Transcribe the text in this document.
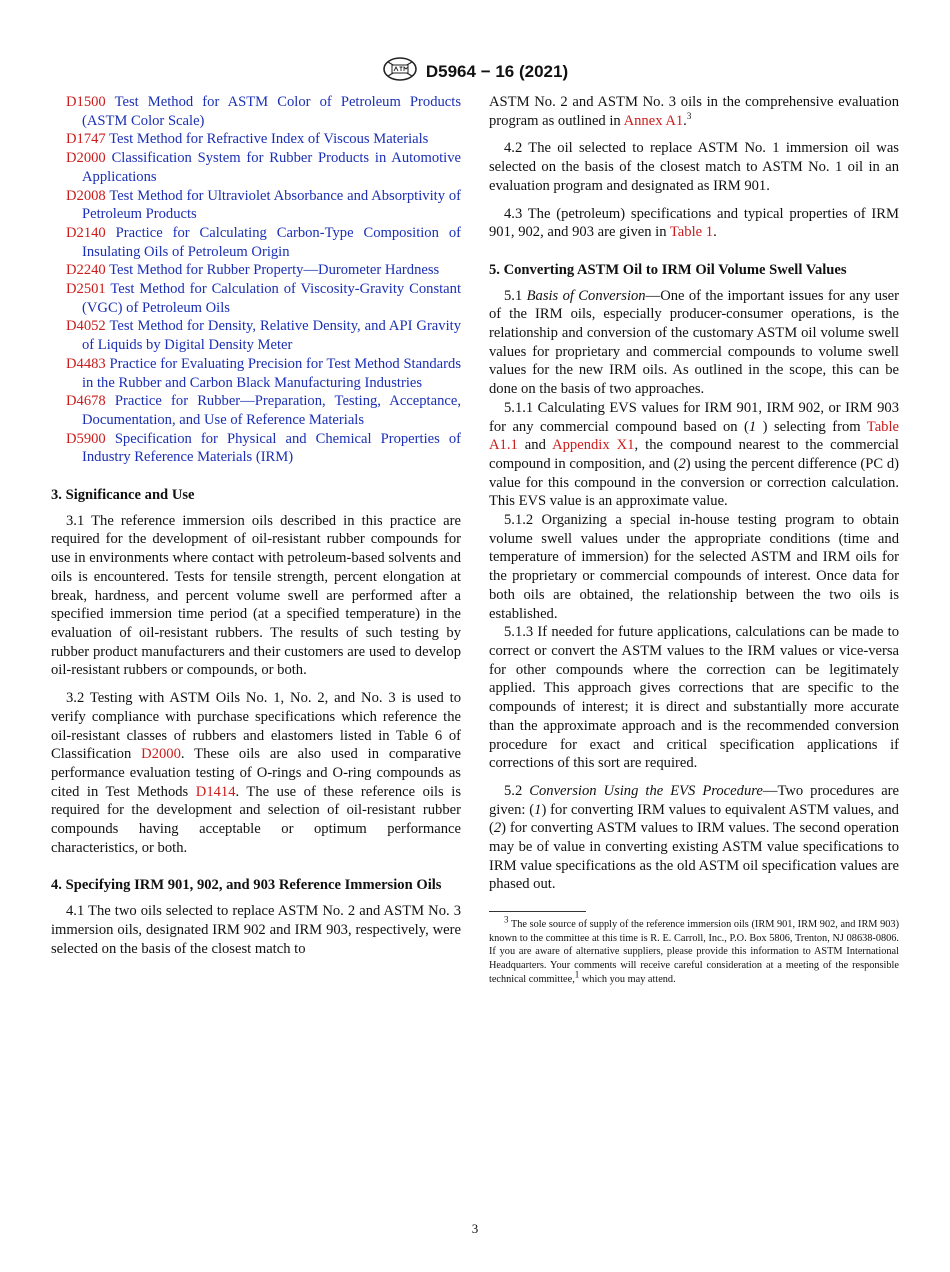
D5964 − 16 (2021)
D1500 Test Method for ASTM Color of Petroleum Products (ASTM Color Scale)
D1747 Test Method for Refractive Index of Viscous Materials
D2000 Classification System for Rubber Products in Automotive Applications
D2008 Test Method for Ultraviolet Absorbance and Absorptivity of Petroleum Products
D2140 Practice for Calculating Carbon-Type Composition of Insulating Oils of Petroleum Origin
D2240 Test Method for Rubber Property—Durometer Hardness
D2501 Test Method for Calculation of Viscosity-Gravity Constant (VGC) of Petroleum Oils
D4052 Test Method for Density, Relative Density, and API Gravity of Liquids by Digital Density Meter
D4483 Practice for Evaluating Precision for Test Method Standards in the Rubber and Carbon Black Manufacturing Industries
D4678 Practice for Rubber—Preparation, Testing, Acceptance, Documentation, and Use of Reference Materials
D5900 Specification for Physical and Chemical Properties of Industry Reference Materials (IRM)
3. Significance and Use

3.1 The reference immersion oils described in this practice are required for the development of oil-resistant rubber compounds for use in environments where contact with petroleum-based solvents and oils is encountered. Tests for tensile strength, percent elongation at break, hardness, and percent volume swell are performed after a specified immersion time period (at a specified temperature) in the evaluation of oil-resistant rubbers. The results of such testing by rubber product manufacturers and their customers are used to develop oil-resistant rubbers or compounds, or both.

3.2 Testing with ASTM Oils No. 1, No. 2, and No. 3 is used to verify compliance with purchase specifications which reference the oil-resistant classes of rubbers and elastomers listed in Table 6 of Classification D2000. These oils are also used in comparative performance evaluation testing of O-rings and O-ring compounds as cited in Test Methods D1414. The use of these reference oils is required for the development and selection of oil-resistant rubber compounds having acceptable or optimum performance characteristics, or both.

4. Specifying IRM 901, 902, and 903 Reference Immersion Oils

4.1 The two oils selected to replace ASTM No. 2 and ASTM No. 3 immersion oils, designated IRM 902 and IRM 903, respectively, were selected on the basis of the closest match to

ASTM No. 2 and ASTM No. 3 oils in the comprehensive evaluation program as outlined in Annex A1.$^3$

4.2 The oil selected to replace ASTM No. 1 immersion oil was selected on the basis of the closest match to ASTM No. 1 oil in an evaluation program and designated as IRM 901.

4.3 The (petroleum) specifications and typical properties of IRM 901, 902, and 903 are given in Table 1.

5. Converting ASTM Oil to IRM Oil Volume Swell Values

5.1 Basis of Conversion—One of the important issues for any user of the IRM oils, especially producer-consumer operations, is the relationship and conversion of the customary ASTM oil volume swell values for proprietary and commercial compounds to volume swell values for the new IRM oils. As outlined in the scope, this can be done on the basis of two approaches.

5.1.1 Calculating EVS values for IRM 901, IRM 902, or IRM 903 for any commercial compound based on (1 ) selecting from Table A1.1 and Appendix X1, the compound nearest to the commercial compound in composition, and (2) using the percent difference (PC d) value for this compound in the conversion or correction calculation. This EVS value is an approximate value.

5.1.2 Organizing a special in-house testing program to obtain volume swell values under the appropriate conditions (time and temperature of immersion) for the selected ASTM and IRM oils for the proprietary or commercial compounds of interest. Once data for both oils are obtained, the relationship between the two oils is established.

5.1.3 If needed for future applications, calculations can be made to correct or convert the ASTM values to the IRM values or vice-versa for other compounds where the correction can be legitimately applied. This approach gives corrections that are specific to the compounds of interest; it is direct and substantially more accurate than the approximate approach and is the recommended conversion procedure for exact and critical specification applications if corrections of this sort are required.

5.2 Conversion Using the EVS Procedure—Two procedures are given: (1) for converting IRM values to equivalent ASTM values, and (2) for converting ASTM values to IRM values. The second operation may be of value in converting existing ASTM value specifications to IRM value specifications as the old ASTM oil specification values are phased out.

$^3$ The sole source of supply of the reference immersion oils (IRM 901, IRM 902, and IRM 903) known to the committee at this time is R. E. Carroll, Inc., P.O. Box 5806, Trenton, NJ 08638-0806. If you are aware of alternative suppliers, please provide this information to ASTM International Headquarters. Your comments will receive careful consideration at a meeting of the responsible technical committee,$^1$ which you may attend.
3
